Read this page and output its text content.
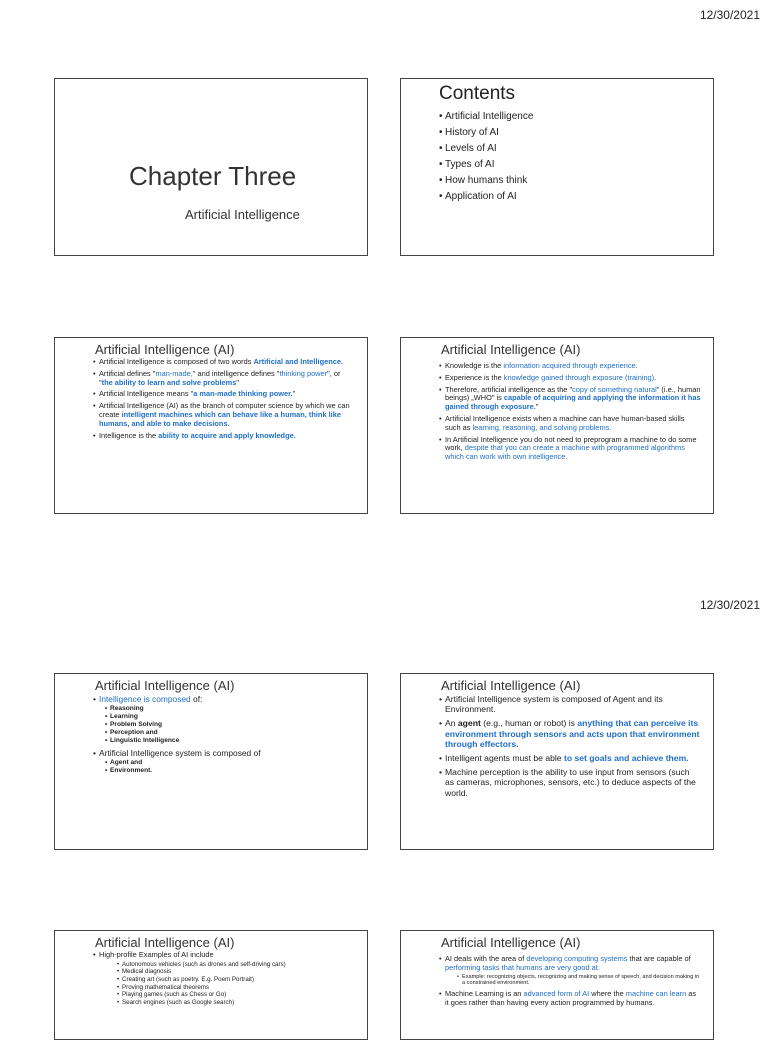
12/30/2021
12/30/2021
Chapter Three
Artificial Intelligence
Contents
• Artificial Intelligence
• History of AI
• Levels of AI
• Types of AI
• How humans think
• Application of AI
Artificial Intelligence (AI)
• Artificial Intelligence is composed of two words Artificial and Intelligence.
• Artificial defines "man-made," and intelligence defines "thinking power", or "the ability to learn and solve problems"
• Artificial Intelligence means "a man-made thinking power."
• Artificial Intelligence (AI) as the branch of computer science by which we can create intelligent machines which can behave like a human, think like humans, and able to make decisions.
• Intelligence is the ability to acquire and apply knowledge.
Artificial Intelligence (AI)
• Knowledge is the information acquired through experience.
• Experience is the knowledge gained through exposure (training).
• Therefore, artificial intelligence as the "copy of something natural" (i.e., human beings) „WHO" is capable of acquiring and applying the information it has gained through exposure."
• Artificial Intelligence exists when a machine can have human-based skills such as learning, reasoning, and solving problems.
• In Artificial Intelligence you do not need to preprogram a machine to do some work, despite that you can create a machine with programmed algorithms which can work with own intelligence.
Artificial Intelligence (AI)
• Intelligence is composed of:
• Reasoning
• Learning
• Problem Solving
• Perception and
• Linguistic Intelligence
• Artificial Intelligence system is composed of
• Agent and
• Environment.
Artificial Intelligence (AI)
• Artificial Intelligence system is composed of Agent and its Environment.
• An agent (e.g., human or robot) is anything that can perceive its environment through sensors and acts upon that environment through effectors.
• Intelligent agents must be able to set goals and achieve them.
• Machine perception is the ability to use input from sensors (such as cameras, microphones, sensors, etc.) to deduce aspects of the world.
Artificial Intelligence (AI)
• High-profile Examples of AI include
• Autonomous vehicles (such as drones and self-driving cars)
• Medical diagnosis
• Creating art (such as poetry. E.g. Poem Portrait)
• Proving mathematical theorems
• Playing games (such as Chess or Go)
• Search engines (such as Google search)
Artificial Intelligence (AI)
• AI deals with the area of developing computing systems that are capable of performing tasks that humans are very good at.
• Example: recognizing objects, recognizing and making sense of speech, and decision making in a constrained environment.
• Machine Learning is an advanced form of AI where the machine can learn as it goes rather than having every action programmed by humans.
